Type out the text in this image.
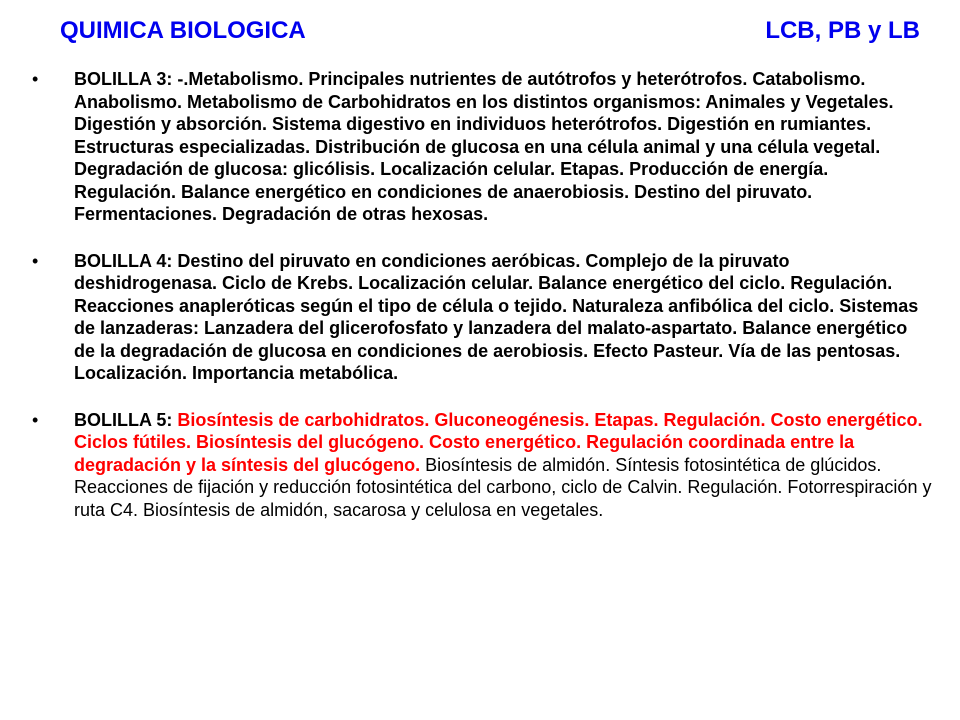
QUIMICA BIOLOGICA	LCB, PB y LB
•	BOLILLA 3: -.Metabolismo. Principales nutrientes de autótrofos y heterótrofos. Catabolismo. Anabolismo. Metabolismo de Carbohidratos en los distintos organismos: Animales y Vegetales. Digestión y absorción. Sistema digestivo en individuos heterótrofos. Digestión en rumiantes. Estructuras especializadas. Distribución de glucosa en una célula animal y una célula vegetal. Degradación de glucosa: glicólisis. Localización celular. Etapas. Producción de energía. Regulación. Balance energético en condiciones de anaerobiosis. Destino del piruvato. Fermentaciones. Degradación de otras hexosas.
•	BOLILLA 4: Destino del piruvato en condiciones aeróbicas. Complejo de la piruvato deshidrogenasa. Ciclo de Krebs. Localización celular. Balance energético del ciclo. Regulación. Reacciones anapleróticas según el tipo de célula o tejido. Naturaleza anfibólica del ciclo. Sistemas de lanzaderas: Lanzadera del glicerofosfato y lanzadera del malato-aspartato. Balance energético de la degradación de glucosa en condiciones de aerobiosis. Efecto Pasteur. Vía de las pentosas. Localización. Importancia metabólica.
•	BOLILLA 5: Biosíntesis de carbohidratos. Gluconeogénesis. Etapas. Regulación. Costo energético. Ciclos fútiles. Biosíntesis del glucógeno. Costo energético. Regulación coordinada entre la degradación y la síntesis del glucógeno. Biosíntesis de almidón. Síntesis fotosintética de glúcidos. Reacciones de fijación y reducción fotosintética del carbono, ciclo de Calvin. Regulación. Fotorrespiración y ruta C4. Biosíntesis de almidón, sacarosa y celulosa en vegetales.
